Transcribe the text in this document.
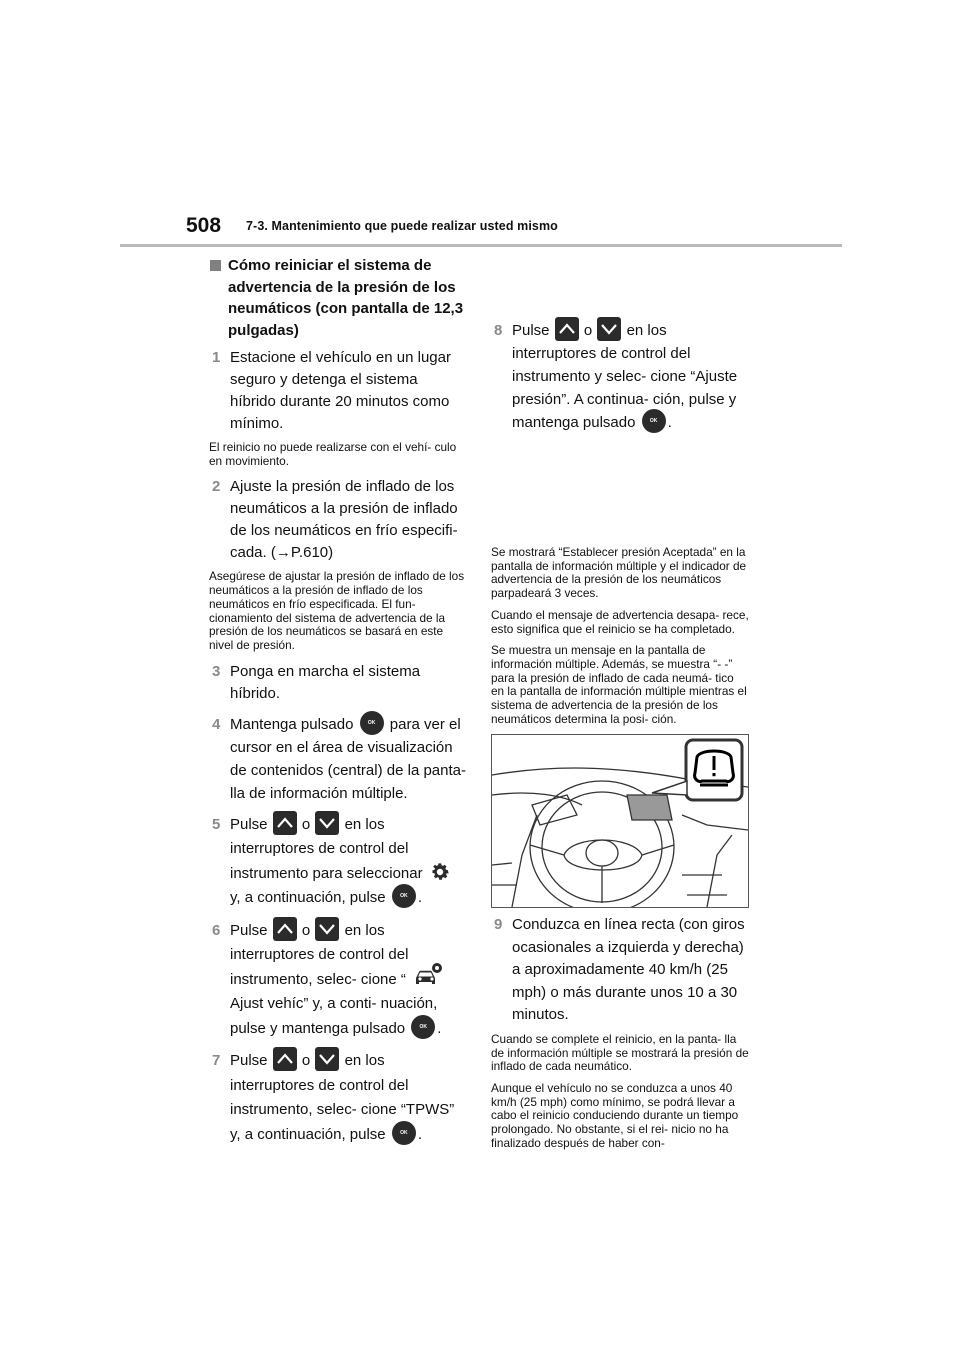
508 7-3. Mantenimiento que puede realizar usted mismo
Cómo reiniciar el sistema de advertencia de la presión de los neumáticos (con pantalla de 12,3 pulgadas)
1 Estacione el vehículo en un lugar seguro y detenga el sistema híbrido durante 20 minutos como mínimo.
El reinicio no puede realizarse con el vehí- culo en movimiento.
2 Ajuste la presión de inflado de los neumáticos a la presión de inflado de los neumáticos en frío especifi- cada. (→P.610)
Asegúrese de ajustar la presión de inflado de los neumáticos a la presión de inflado de los neumáticos en frío especificada. El fun- cionamiento del sistema de advertencia de la presión de los neumáticos se basará en este nivel de presión.
3 Ponga en marcha el sistema híbrido.
4 Mantenga pulsado	OK para ver el cursor en el área de visualización de contenidos (central) de la panta- lla de información múltiple.
5 Pulse o en los interruptores de control del instrumento para seleccionar  y, a continuación, pulse	OK .
6 Pulse o en los interruptores de control del instrumento, selec- cione “  Ajust vehíc” y, a conti- nuación, pulse y mantenga pulsado	OK .
7 Pulse o en los interruptores de control del instrumento, selec- cione “TPWS” y, a continuación, pulse	OK .
Se mostrará “Establecer presión Aceptada” en la pantalla de información múltiple y el indicador de advertencia de la presión de los neumáticos parpadeará 3 veces.
Cuando el mensaje de advertencia desapa- rece, esto significa que el reinicio se ha completado.
Se muestra un mensaje en la pantalla de información múltiple. Además, se muestra “- -” para la presión de inflado de cada neumá- tico en la pantalla de información múltiple mientras el sistema de advertencia de la presión de los neumáticos determina la posi- ción.
9 Conduzca en línea recta (con giros ocasionales a izquierda y derecha) a aproximadamente 40 km/h (25 mph) o más durante unos 10 a 30 minutos.
Cuando se complete el reinicio, en la panta- lla de información múltiple se mostrará la presión de inflado de cada neumático.
Aunque el vehículo no se conduzca a unos 40 km/h (25 mph) como mínimo, se podrá llevar a cabo el reinicio conduciendo durante un tiempo prolongado. No obstante, si el rei- nicio no ha finalizado después de haber con-
8 Pulse o en los interruptores de control del instrumento y selec- cione “Ajuste presión”. A continua- ción, pulse y mantenga pulsado	OK .
